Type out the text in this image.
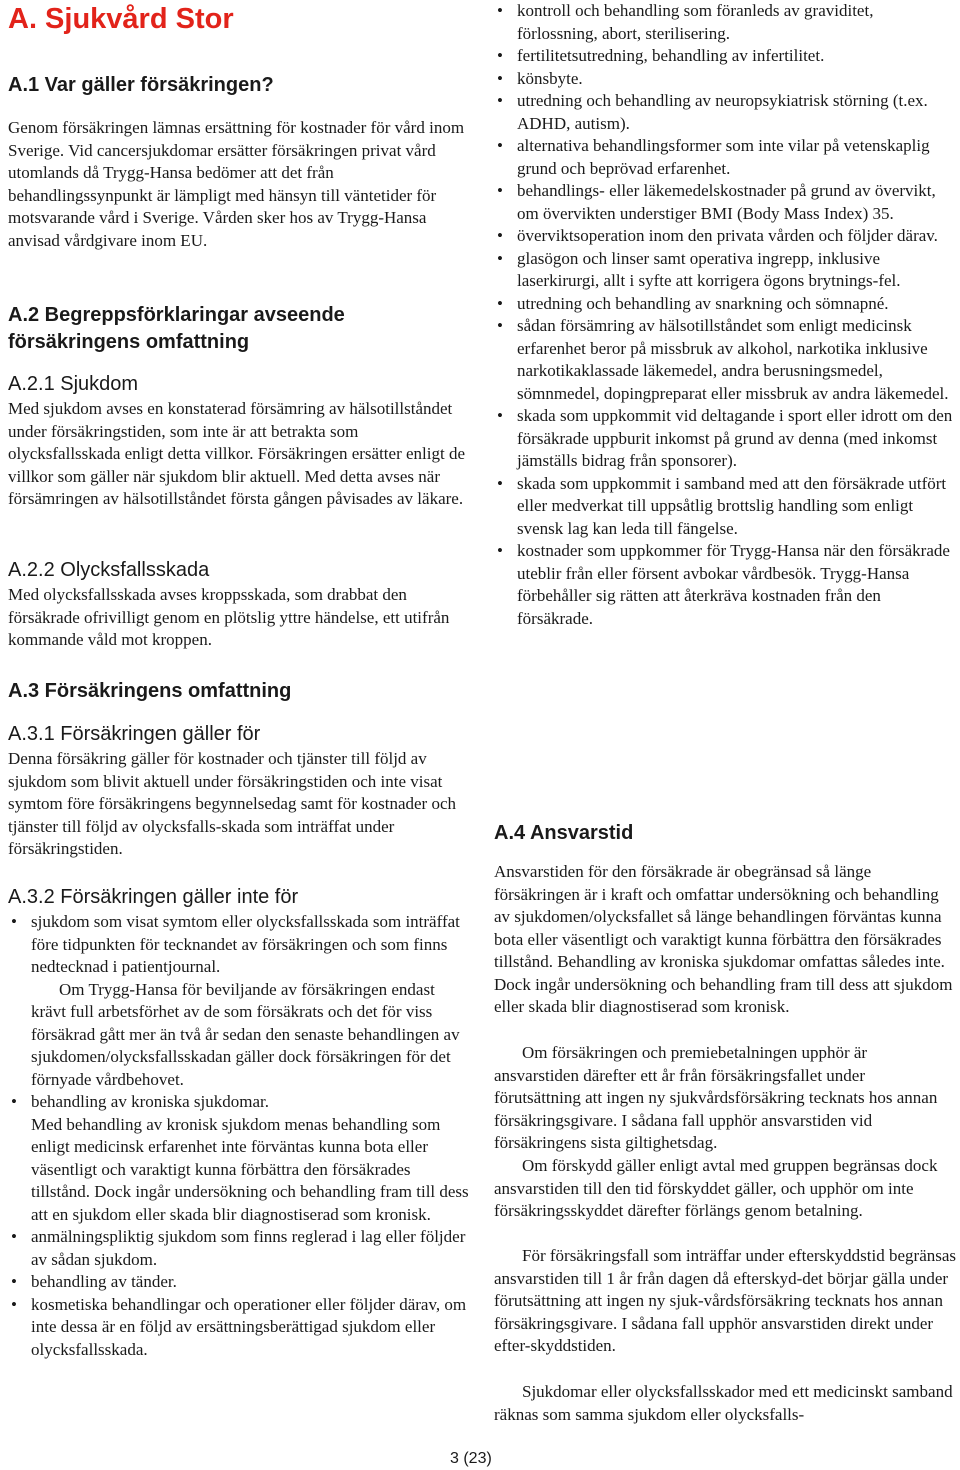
A. Sjukvård Stor
A.1 Var gäller försäkringen?

Genom försäkringen lämnas ersättning för kostnader för vård inom Sverige. Vid cancersjukdomar ersätter försäkringen privat vård utomlands då Trygg-Hansa bedömer att det från behandlingssynpunkt är lämpligt med hänsyn till väntetider för motsvarande vård i Sverige. Vården sker hos av Trygg-Hansa anvisad vårdgivare inom EU.

A.2 Begreppsförklaringar avseende försäkringens omfattning
A.2.1 Sjukdom

Med sjukdom avses en konstaterad försämring av hälsotillståndet under försäkringstiden, som inte är att betrakta som olycksfallsskada enligt detta villkor. Försäkringen ersätter enligt de villkor som gäller när sjukdom blir aktuell. Med detta avses när försämringen av hälsotillståndet första gången påvisades av läkare.

A.2.2 Olycksfallsskada

Med olycksfallsskada avses kroppsskada, som drabbat den försäkrade ofrivilligt genom en plötslig yttre händelse, ett utifrån kommande våld mot kroppen.

A.3 Försäkringens omfattning
A.3.1 Försäkringen gäller för

Denna försäkring gäller för kostnader och tjänster till följd av sjukdom som blivit aktuell under försäkringstiden och inte visat symtom före försäkringens begynnelsedag samt för kostnader och tjänster till följd av olycksfalls-skada som inträffat under försäkringstiden.

A.3.2 Försäkringen gäller inte för
• sjukdom som visat symtom eller olycksfallsskada som inträffat före tidpunkten för tecknandet av försäkringen och som finns nedtecknad i patientjournal.

Om Trygg-Hansa för beviljande av försäkringen endast krävt full arbetsförhet av de som försäkrats och det för viss försäkrad gått mer än två år sedan den senaste behandlingen av sjukdomen/olycksfallsskadan gäller dock försäkringen för det förnyade vårdbehovet.

• behandling av kroniska sjukdomar.

Med behandling av kronisk sjukdom menas behandling som enligt medicinsk erfarenhet inte förväntas kunna bota eller väsentligt och varaktigt kunna förbättra den försäkrades tillstånd. Dock ingår undersökning och behandling fram till dess att en sjukdom eller skada blir diagnostiserad som kronisk.

• anmälningspliktig sjukdom som finns reglerad i lag eller följder av sådan sjukdom.

• behandling av tänder.

• kosmetiska behandlingar och operationer eller följder därav, om inte dessa är en följd av ersättningsberättigad sjukdom eller olycksfallsskada.

• kontroll och behandling som föranleds av graviditet, förlossning, abort, sterilisering.

• fertilitetsutredning, behandling av infertilitet.

• könsbyte.

• utredning och behandling av neuropsykiatrisk störning (t.ex. ADHD, autism).

• alternativa behandlingsformer som inte vilar på vetenskaplig grund och beprövad erfarenhet.

• behandlings- eller läkemedelskostnader på grund av övervikt, om övervikten understiger BMI (Body Mass Index) 35.

• överviktsoperation inom den privata vården och följder därav.

• glasögon och linser samt operativa ingrepp, inklusive laserkirurgi, allt i syfte att korrigera ögons brytnings-fel.

• utredning och behandling av snarkning och sömnapné.

• sådan försämring av hälsotillståndet som enligt medicinsk erfarenhet beror på missbruk av alkohol, narkotika inklusive narkotikaklassade läkemedel, andra berusningsmedel, sömnmedel, dopingpreparat eller missbruk av andra läkemedel.

• skada som uppkommit vid deltagande i sport eller idrott om den försäkrade uppburit inkomst på grund av denna (med inkomst jämställs bidrag från sponsorer).

• skada som uppkommit i samband med att den försäkrade utfört eller medverkat till uppsåtlig brottslig handling som enligt svensk lag kan leda till fängelse.

• kostnader som uppkommer för Trygg-Hansa när den försäkrade uteblir från eller försent avbokar vårdbesök. Trygg-Hansa förbehåller sig rätten att återkräva kostnaden från den försäkrade.

A.4 Ansvarstid

Ansvarstiden för den försäkrade är obegränsad så länge försäkringen är i kraft och omfattar undersökning och behandling av sjukdomen/olycksfallet så länge behandlingen förväntas kunna bota eller väsentligt och varaktigt kunna förbättra den försäkrades tillstånd. Behandling av kroniska sjukdomar omfattas således inte. Dock ingår undersökning och behandling fram till dess att sjukdom eller skada blir diagnostiserad som kronisk.

Om försäkringen och premiebetalningen upphör är ansvarstiden därefter ett år från försäkringsfallet under förutsättning att ingen ny sjukvårdsförsäkring tecknats hos annan försäkringsgivare. I sådana fall upphör ansvarstiden vid försäkringens sista giltighetsdag.

Om förskydd gäller enligt avtal med gruppen begränsas dock ansvarstiden till den tid förskyddet gäller, och upphör om inte försäkringsskyddet därefter förlängs genom betalning.

För försäkringsfall som inträffar under efterskyddstid begränsas ansvarstiden till 1 år från dagen då efterskyd-det börjar gälla under förutsättning att ingen ny sjuk-vårdsförsäkring tecknats hos annan försäkringsgivare. I sådana fall upphör ansvarstiden direkt under efter-skyddstiden.

Sjukdomar eller olycksfallsskador med ett medicinskt samband räknas som samma sjukdom eller olycksfalls-

3 (23)
